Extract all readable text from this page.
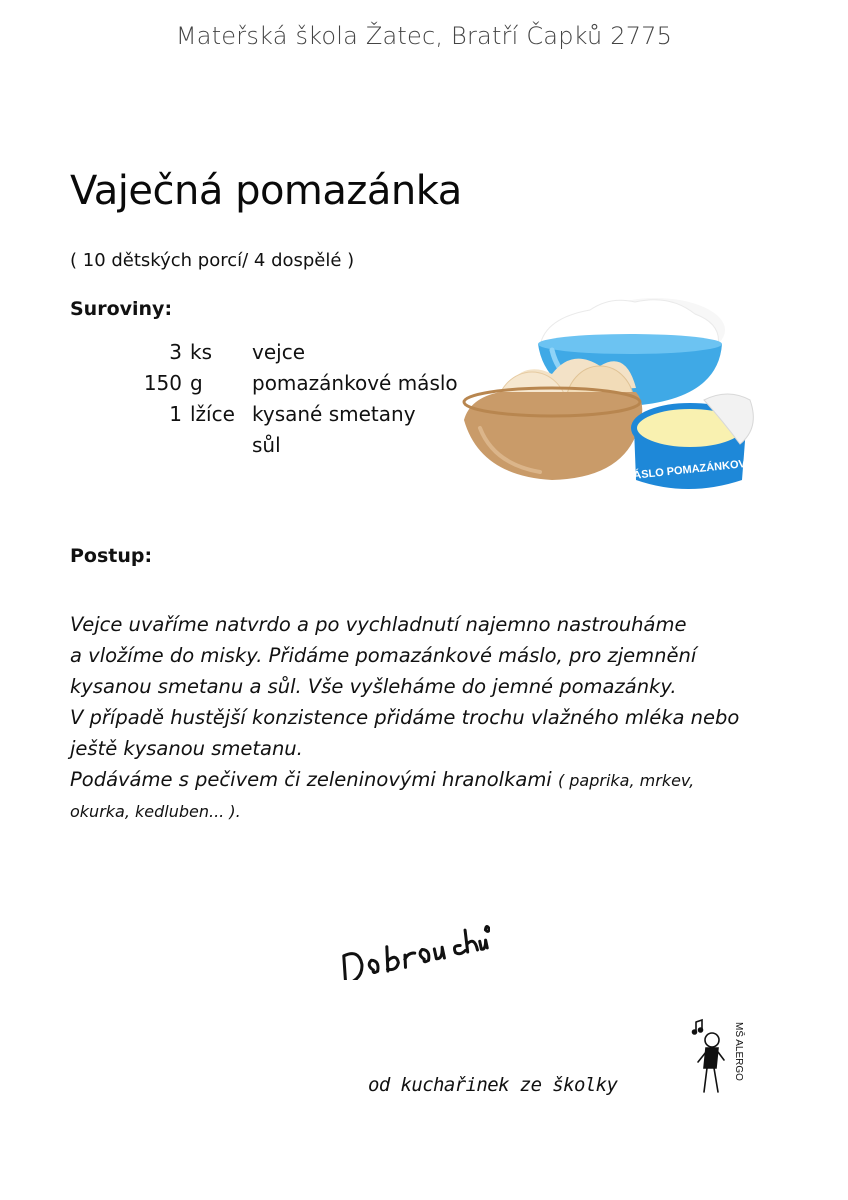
Mateřská škola Žatec, Bratří Čapků 2775
Vaječná pomazánka
( 10 dětských porcí/ 4 dospělé )
Suroviny:
3	ks	vejce
150	g	pomazánkové máslo
1	lžíce	kysané smetany
		sůl
MÁSLO POMAZÁNKOVÉ
Postup:
Vejce uvaříme natvrdo a po vychladnutí najemno nastrouháme
a vložíme do misky. Přidáme pomazánkové máslo, pro zjemnění
kysanou smetanu a sůl. Vše vyšleháme do jemné pomazánky.
V případě hustější konzistence přidáme trochu vlažného mléka nebo
ještě kysanou smetanu.
Podáváme s pečivem či zeleninovými hranolkami ( paprika, mrkev,
okurka, kedluben... ).
MŠ ALERGO
od kuchařinek ze školky
